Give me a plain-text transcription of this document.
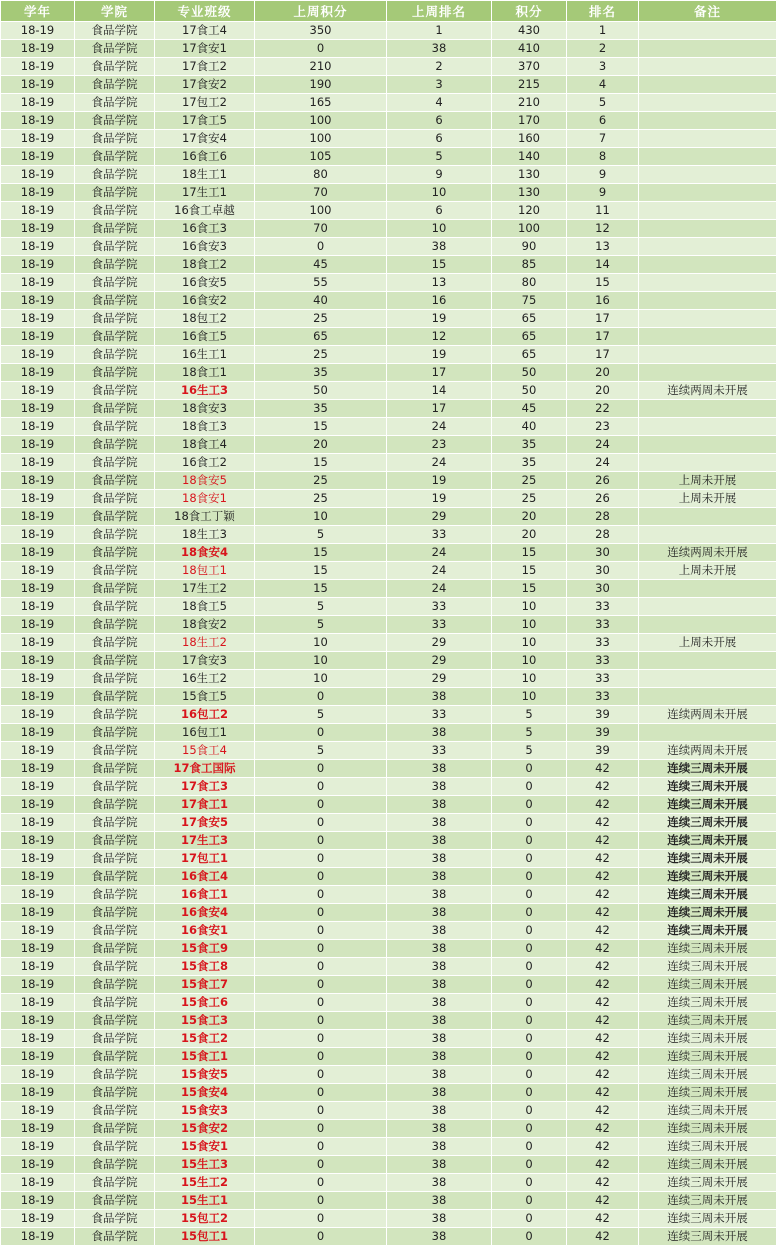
学年	学院	专业班级	上周积分	上周排名	积分	排名	备注
18-19	食品学院	17食工4	350	1	430	1	
18-19	食品学院	17食安1	0	38	410	2	
18-19	食品学院	17食工2	210	2	370	3	
18-19	食品学院	17食安2	190	3	215	4	
18-19	食品学院	17包工2	165	4	210	5	
18-19	食品学院	17食工5	100	6	170	6	
18-19	食品学院	17食安4	100	6	160	7	
18-19	食品学院	16食工6	105	5	140	8	
18-19	食品学院	18生工1	80	9	130	9	
18-19	食品学院	17生工1	70	10	130	9	
18-19	食品学院	16食工卓越	100	6	120	11	
18-19	食品学院	16食工3	70	10	100	12	
18-19	食品学院	16食安3	0	38	90	13	
18-19	食品学院	18食工2	45	15	85	14	
18-19	食品学院	16食安5	55	13	80	15	
18-19	食品学院	16食安2	40	16	75	16	
18-19	食品学院	18包工2	25	19	65	17	
18-19	食品学院	16食工5	65	12	65	17	
18-19	食品学院	16生工1	25	19	65	17	
18-19	食品学院	18食工1	35	17	50	20	
18-19	食品学院	16生工3	50	14	50	20	连续两周未开展
18-19	食品学院	18食安3	35	17	45	22	
18-19	食品学院	18食工3	15	24	40	23	
18-19	食品学院	18食工4	20	23	35	24	
18-19	食品学院	16食工2	15	24	35	24	
18-19	食品学院	18食安5	25	19	25	26	上周未开展
18-19	食品学院	18食安1	25	19	25	26	上周未开展
18-19	食品学院	18食工丁颖	10	29	20	28	
18-19	食品学院	18生工3	5	33	20	28	
18-19	食品学院	18食安4	15	24	15	30	连续两周未开展
18-19	食品学院	18包工1	15	24	15	30	上周未开展
18-19	食品学院	17生工2	15	24	15	30	
18-19	食品学院	18食工5	5	33	10	33	
18-19	食品学院	18食安2	5	33	10	33	
18-19	食品学院	18生工2	10	29	10	33	上周未开展
18-19	食品学院	17食安3	10	29	10	33	
18-19	食品学院	16生工2	10	29	10	33	
18-19	食品学院	15食工5	0	38	10	33	
18-19	食品学院	16包工2	5	33	5	39	连续两周未开展
18-19	食品学院	16包工1	0	38	5	39	
18-19	食品学院	15食工4	5	33	5	39	连续两周未开展
18-19	食品学院	17食工国际	0	38	0	42	连续三周未开展
18-19	食品学院	17食工3	0	38	0	42	连续三周未开展
18-19	食品学院	17食工1	0	38	0	42	连续三周未开展
18-19	食品学院	17食安5	0	38	0	42	连续三周未开展
18-19	食品学院	17生工3	0	38	0	42	连续三周未开展
18-19	食品学院	17包工1	0	38	0	42	连续三周未开展
18-19	食品学院	16食工4	0	38	0	42	连续三周未开展
18-19	食品学院	16食工1	0	38	0	42	连续三周未开展
18-19	食品学院	16食安4	0	38	0	42	连续三周未开展
18-19	食品学院	16食安1	0	38	0	42	连续三周未开展
18-19	食品学院	15食工9	0	38	0	42	连续三周未开展
18-19	食品学院	15食工8	0	38	0	42	连续三周未开展
18-19	食品学院	15食工7	0	38	0	42	连续三周未开展
18-19	食品学院	15食工6	0	38	0	42	连续三周未开展
18-19	食品学院	15食工3	0	38	0	42	连续三周未开展
18-19	食品学院	15食工2	0	38	0	42	连续三周未开展
18-19	食品学院	15食工1	0	38	0	42	连续三周未开展
18-19	食品学院	15食安5	0	38	0	42	连续三周未开展
18-19	食品学院	15食安4	0	38	0	42	连续三周未开展
18-19	食品学院	15食安3	0	38	0	42	连续三周未开展
18-19	食品学院	15食安2	0	38	0	42	连续三周未开展
18-19	食品学院	15食安1	0	38	0	42	连续三周未开展
18-19	食品学院	15生工3	0	38	0	42	连续三周未开展
18-19	食品学院	15生工2	0	38	0	42	连续三周未开展
18-19	食品学院	15生工1	0	38	0	42	连续三周未开展
18-19	食品学院	15包工2	0	38	0	42	连续三周未开展
18-19	食品学院	15包工1	0	38	0	42	连续三周未开展
